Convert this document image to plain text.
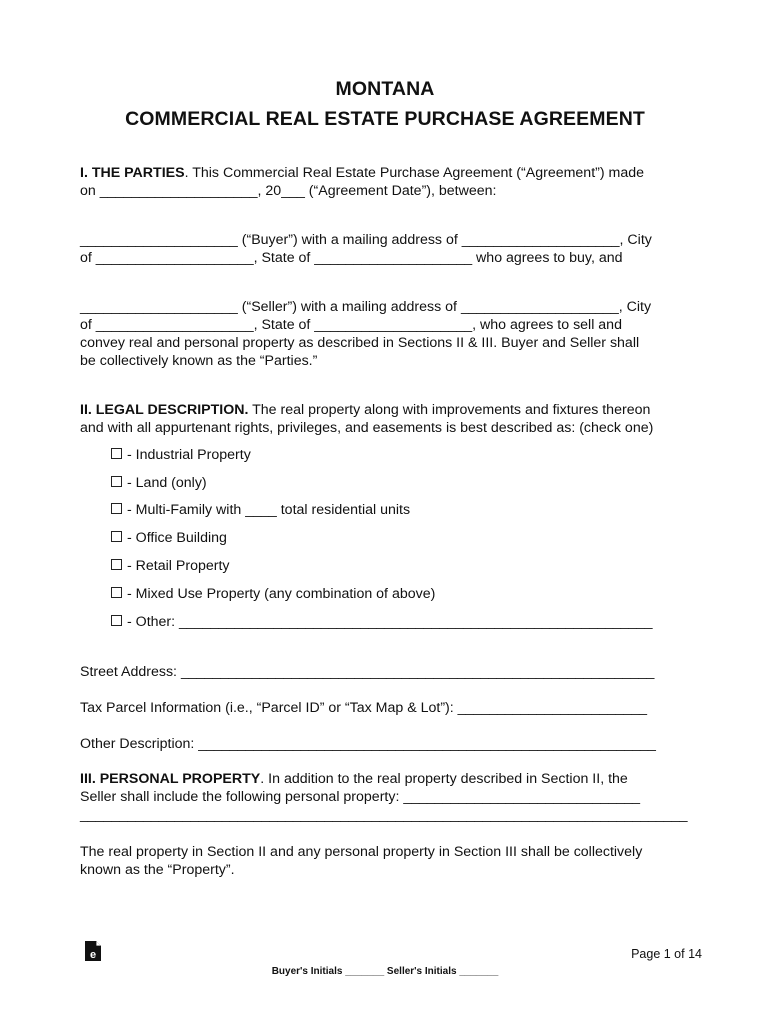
MONTANA
COMMERCIAL REAL ESTATE PURCHASE AGREEMENT
I. THE PARTIES. This Commercial Real Estate Purchase Agreement (“Agreement”) made
on ____________________, 20___ (“Agreement Date”), between:
____________________ (“Buyer”) with a mailing address of ____________________, City
of ____________________, State of ____________________ who agrees to buy, and
____________________ (“Seller”) with a mailing address of ____________________, City
of ____________________, State of ____________________, who agrees to sell and
convey real and personal property as described in Sections II & III. Buyer and Seller shall
be collectively known as the “Parties.”
II. LEGAL DESCRIPTION. The real property along with improvements and fixtures thereon
and with all appurtenant rights, privileges, and easements is best described as: (check one)
- Industrial Property
- Land (only)
- Multi-Family with ____ total residential units
- Office Building
- Retail Property
- Mixed Use Property (any combination of above)
- Other: ____________________________________________________________
Street Address: ____________________________________________________________
Tax Parcel Information (i.e., “Parcel ID” or “Tax Map & Lot”): ________________________
Other Description: __________________________________________________________
III. PERSONAL PROPERTY. In addition to the real property described in Section II, the
Seller shall include the following personal property: ______________________________
_____________________________________________________________________________
The real property in Section II and any personal property in Section III shall be collectively
known as the “Property”.
e	Page 1 of 14
Buyer's Initials _______ Seller's Initials _______
